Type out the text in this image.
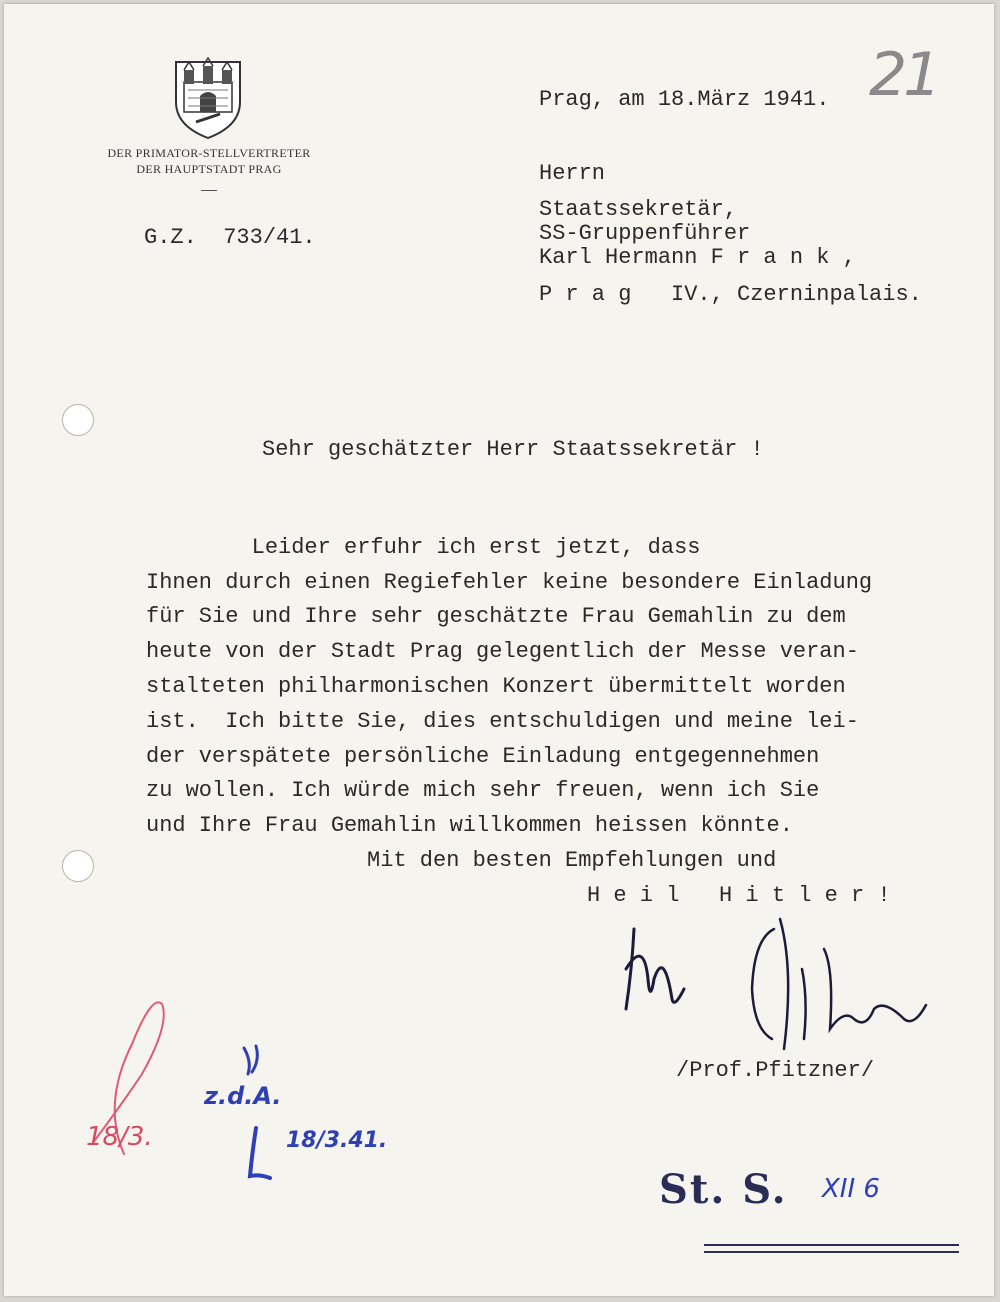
DER PRIMATOR-STELLVERTRETER
DER HAUPTSTADT PRAG
G.Z.  733/41.
Prag, am 18.März 1941. 21
Herrn
Staatssekretär,
SS-Gruppenführer
Karl Hermann F r a n k ,
P r a g   IV., Czerninpalais.
Sehr geschätzter Herr Staatssekretär !
Leider erfuhr ich erst jetzt, dass
Ihnen durch einen Regiefehler keine besondere Einladung
für Sie und Ihre sehr geschätzte Frau Gemahlin zu dem
heute von der Stadt Prag gelegentlich der Messe veran-
stalteten philharmonischen Konzert übermittelt worden
ist.  Ich bitte Sie, dies entschuldigen und meine lei-
der verspätete persönliche Einladung entgegennehmen
zu wollen. Ich würde mich sehr freuen, wenn ich Sie
und Ihre Frau Gemahlin willkommen heissen könnte.
Mit den besten Empfehlungen und
H e i l   H i t l e r !
/Prof.Pfitzner/
18/3.
z.d.A.
18/3.41.
St. S. XII 6
